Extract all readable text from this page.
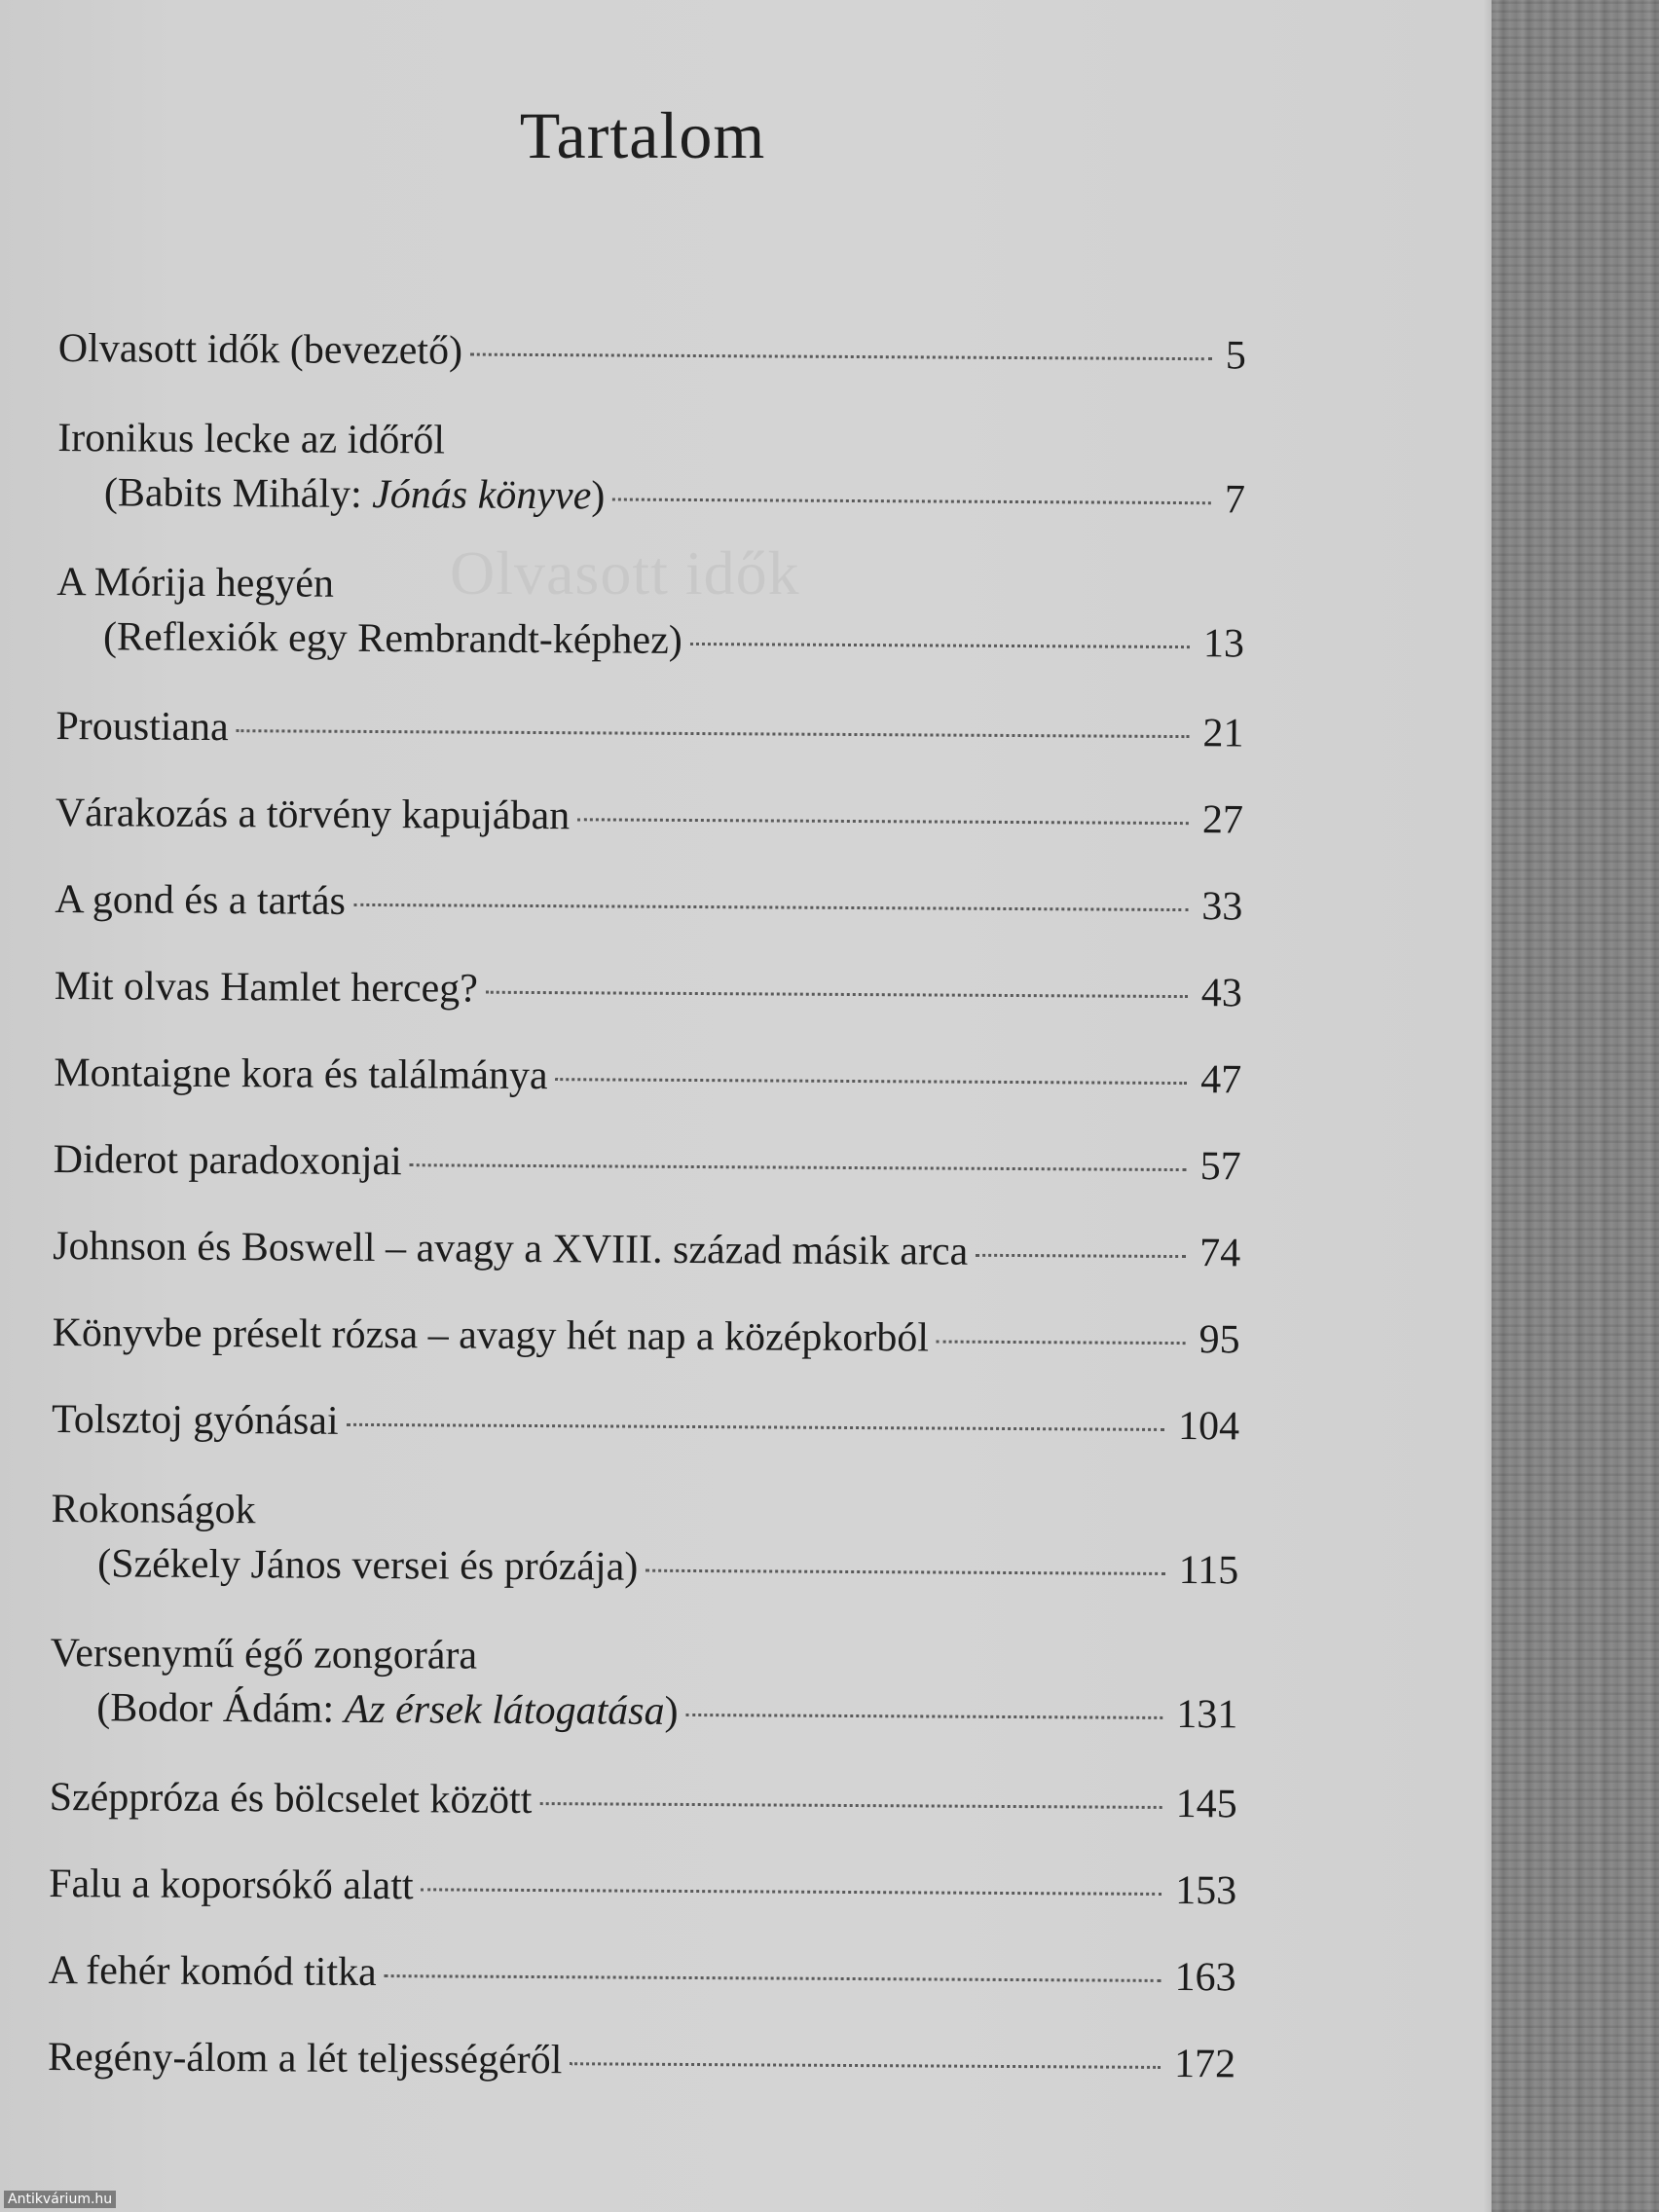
Olvasott idők
Tartalom
Olvasott idők (bevezető)	5
Ironikus lecke az időről
(Babits Mihály: Jónás könyve)	7
A Mórija hegyén
(Reflexiók egy Rembrandt-képhez)	13
Proustiana	21
Várakozás a törvény kapujában	27
A gond és a tartás	33
Mit olvas Hamlet herceg?	43
Montaigne kora és találmánya	47
Diderot paradoxonjai	57
Johnson és Boswell – avagy a XVIII. század másik arca	74
Könyvbe préselt rózsa – avagy hét nap a középkorból	95
Tolsztoj gyónásai	104
Rokonságok
(Székely János versei és prózája)	115
Versenymű égő zongorára
(Bodor Ádám: Az érsek látogatása)	131
Széppróza és bölcselet között	145
Falu a koporsókő alatt	153
A fehér komód titka	163
Regény-álom a lét teljességéről	172
Antikvárium.hu
